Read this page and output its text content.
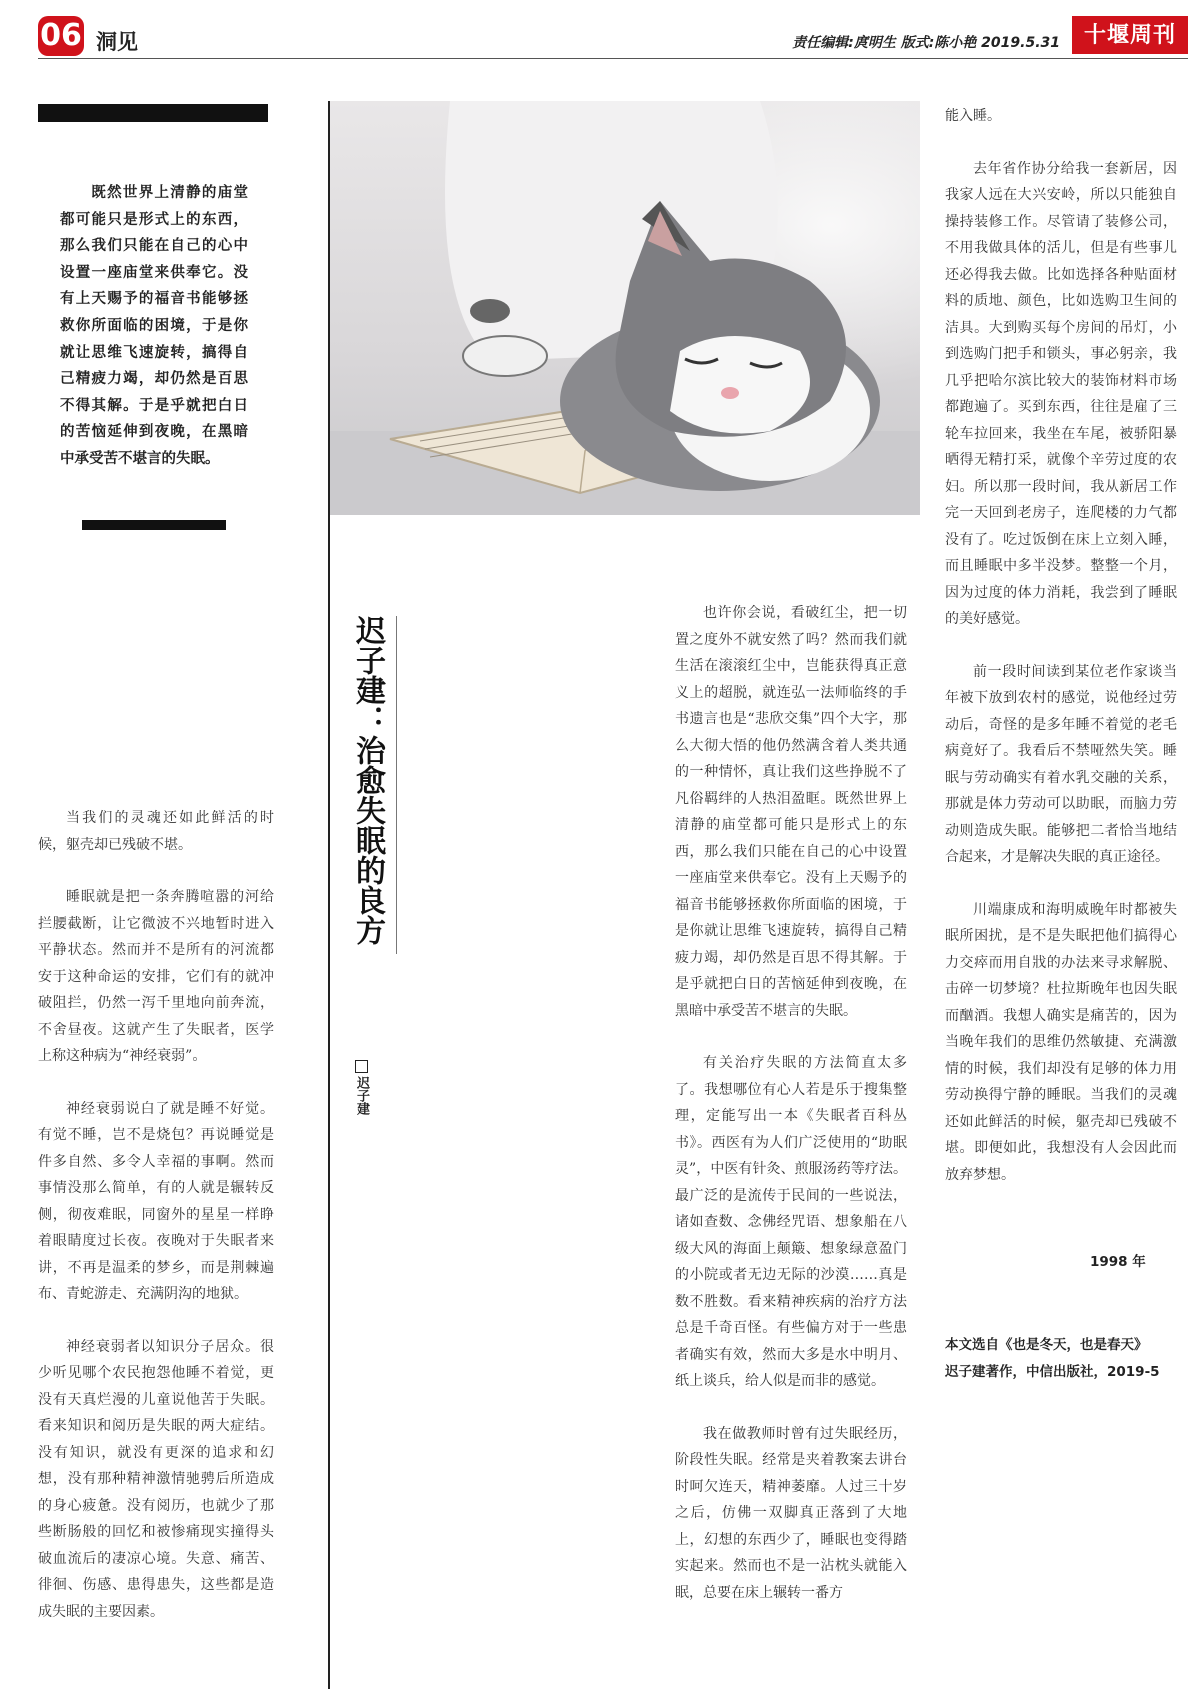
06 洞见	责任编辑:庹明生 版式:陈小艳 2019.5.31	十堰周刊
既然世界上清静的庙堂都可能只是形式上的东西，那么我们只能在自己的心中设置一座庙堂来供奉它。没有上天赐予的福音书能够拯救你所面临的困境，于是你就让思维飞速旋转，搞得自己精疲力竭，却仍然是百思不得其解。于是乎就把白日的苦恼延伸到夜晚，在黑暗中承受苦不堪言的失眠。

当我们的灵魂还如此鲜活的时候，躯壳却已残破不堪。

睡眠就是把一条奔腾喧嚣的河给拦腰截断，让它微波不兴地暂时进入平静状态。然而并不是所有的河流都安于这种命运的安排，它们有的就冲破阻拦，仍然一泻千里地向前奔流，不舍昼夜。这就产生了失眠者，医学上称这种病为“神经衰弱”。

神经衰弱说白了就是睡不好觉。有觉不睡，岂不是烧包？再说睡觉是件多自然、多令人幸福的事啊。然而事情没那么简单，有的人就是辗转反侧，彻夜难眠，同窗外的星星一样睁着眼睛度过长夜。夜晚对于失眠者来讲，不再是温柔的梦乡，而是荆棘遍布、青蛇游走、充满阴沟的地狱。

神经衰弱者以知识分子居众。很少听见哪个农民抱怨他睡不着觉，更没有天真烂漫的儿童说他苦于失眠。看来知识和阅历是失眠的两大症结。没有知识，就没有更深的追求和幻想，没有那种精神激情驰骋后所造成的身心疲惫。没有阅历，也就少了那些断肠般的回忆和被惨痛现实撞得头破血流后的凄凉心境。失意、痛苦、徘徊、伤感、患得患失，这些都是造成失眠的主要因素。

迟子建：治愈失眠的良方
迟子建

也许你会说，看破红尘，把一切置之度外不就安然了吗？然而我们就生活在滚滚红尘中，岂能获得真正意义上的超脱，就连弘一法师临终的手书遗言也是“悲欣交集”四个大字，那么大彻大悟的他仍然满含着人类共通的一种情怀，真让我们这些挣脱不了凡俗羁绊的人热泪盈眶。既然世界上清静的庙堂都可能只是形式上的东西，那么我们只能在自己的心中设置一座庙堂来供奉它。没有上天赐予的福音书能够拯救你所面临的困境，于是你就让思维飞速旋转，搞得自己精疲力竭，却仍然是百思不得其解。于是乎就把白日的苦恼延伸到夜晚，在黑暗中承受苦不堪言的失眠。

有关治疗失眠的方法简直太多了。我想哪位有心人若是乐于搜集整理，定能写出一本《失眠者百科丛书》。西医有为人们广泛使用的“助眠灵”，中医有针灸、煎服汤药等疗法。最广泛的是流传于民间的一些说法，诸如查数、念佛经咒语、想象船在八级大风的海面上颠簸、想象绿意盈门的小院或者无边无际的沙漠……真是数不胜数。看来精神疾病的治疗方法总是千奇百怪。有些偏方对于一些患者确实有效，然而大多是水中明月、纸上谈兵，给人似是而非的感觉。

我在做教师时曾有过失眠经历，阶段性失眠。经常是夹着教案去讲台时呵欠连天，精神萎靡。人过三十岁之后，仿佛一双脚真正落到了大地上，幻想的东西少了，睡眠也变得踏实起来。然而也不是一沾枕头就能入眠，总要在床上辗转一番方

能入睡。

去年省作协分给我一套新居，因我家人远在大兴安岭，所以只能独自操持装修工作。尽管请了装修公司，不用我做具体的活儿，但是有些事儿还必得我去做。比如选择各种贴面材料的质地、颜色，比如选购卫生间的洁具。大到购买每个房间的吊灯，小到选购门把手和锁头，事必躬亲，我几乎把哈尔滨比较大的装饰材料市场都跑遍了。买到东西，往往是雇了三轮车拉回来，我坐在车尾，被骄阳暴晒得无精打采，就像个辛劳过度的农妇。所以那一段时间，我从新居工作完一天回到老房子，连爬楼的力气都没有了。吃过饭倒在床上立刻入睡，而且睡眠中多半没梦。整整一个月，因为过度的体力消耗，我尝到了睡眠的美好感觉。

前一段时间读到某位老作家谈当年被下放到农村的感觉，说他经过劳动后，奇怪的是多年睡不着觉的老毛病竟好了。我看后不禁哑然失笑。睡眠与劳动确实有着水乳交融的关系，那就是体力劳动可以助眠，而脑力劳动则造成失眠。能够把二者恰当地结合起来，才是解决失眠的真正途径。

川端康成和海明威晚年时都被失眠所困扰，是不是失眠把他们搞得心力交瘁而用自戕的办法来寻求解脱、击碎一切梦境？杜拉斯晚年也因失眠而酗酒。我想人确实是痛苦的，因为当晚年我们的思维仍然敏捷、充满激情的时候，我们却没有足够的体力用劳动换得宁静的睡眠。当我们的灵魂还如此鲜活的时候，躯壳却已残破不堪。即便如此，我想没有人会因此而放弃梦想。

1998 年
本文选自《也是冬天，也是春天》
迟子建著作，中信出版社，2019-5
